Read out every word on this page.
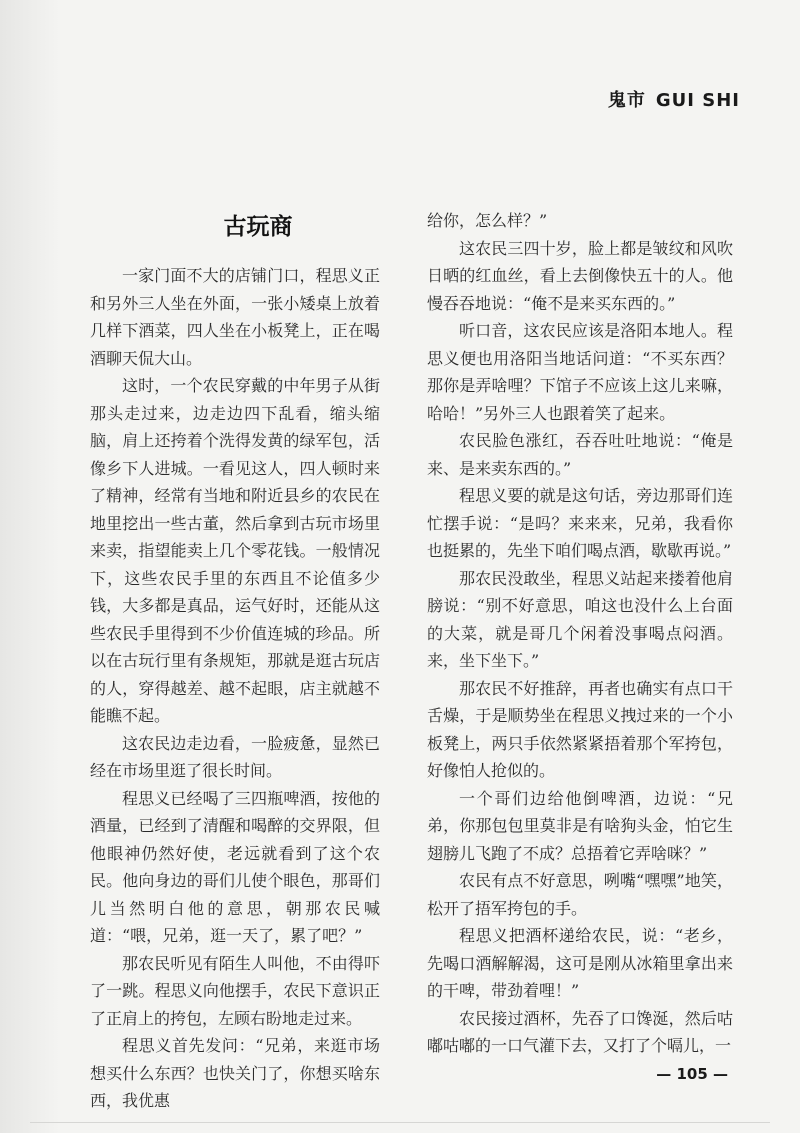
鬼市 GUI SHI
古玩商

一家门面不大的店铺门口，程思义正和另外三人坐在外面，一张小矮桌上放着几样下酒菜，四人坐在小板凳上，正在喝酒聊天侃大山。

这时，一个农民穿戴的中年男子从街那头走过来，边走边四下乱看，缩头缩脑，肩上还挎着个洗得发黄的绿军包，活像乡下人进城。一看见这人，四人顿时来了精神，经常有当地和附近县乡的农民在地里挖出一些古董，然后拿到古玩市场里来卖，指望能卖上几个零花钱。一般情况下，这些农民手里的东西且不论值多少钱，大多都是真品，运气好时，还能从这些农民手里得到不少价值连城的珍品。所以在古玩行里有条规矩，那就是逛古玩店的人，穿得越差、越不起眼，店主就越不能瞧不起。

这农民边走边看，一脸疲惫，显然已经在市场里逛了很长时间。

程思义已经喝了三四瓶啤酒，按他的酒量，已经到了清醒和喝醉的交界限，但他眼神仍然好使，老远就看到了这个农民。他向身边的哥们儿使个眼色，那哥们儿当然明白他的意思，朝那农民喊道：“喂，兄弟，逛一天了，累了吧？”

那农民听见有陌生人叫他，不由得吓了一跳。程思义向他摆手，农民下意识正了正肩上的挎包，左顾右盼地走过来。

程思义首先发问：“兄弟，来逛市场想买什么东西？也快关门了，你想买啥东西，我优惠

给你，怎么样？”

这农民三四十岁，脸上都是皱纹和风吹日晒的红血丝，看上去倒像快五十的人。他慢吞吞地说：“俺不是来买东西的。”

听口音，这农民应该是洛阳本地人。程思义便也用洛阳当地话问道：“不买东西？那你是弄啥哩？下馆子不应该上这儿来嘛，哈哈！”另外三人也跟着笑了起来。

农民脸色涨红，吞吞吐吐地说：“俺是来、是来卖东西的。”

程思义要的就是这句话，旁边那哥们连忙摆手说：“是吗？来来来，兄弟，我看你也挺累的，先坐下咱们喝点酒，歇歇再说。”

那农民没敢坐，程思义站起来搂着他肩膀说：“别不好意思，咱这也没什么上台面的大菜，就是哥几个闲着没事喝点闷酒。来，坐下坐下。”

那农民不好推辞，再者也确实有点口干舌燥，于是顺势坐在程思义拽过来的一个小板凳上，两只手依然紧紧捂着那个军挎包，好像怕人抢似的。

一个哥们边给他倒啤酒，边说：“兄弟，你那包包里莫非是有啥狗头金，怕它生翅膀儿飞跑了不成？总捂着它弄啥咪？”

农民有点不好意思，咧嘴“嘿嘿”地笑，松开了捂军挎包的手。

程思义把酒杯递给农民，说：“老乡，先喝口酒解解渴，这可是刚从冰箱里拿出来的干啤，带劲着哩！”

农民接过酒杯，先吞了口馋涎，然后咕嘟咕嘟的一口气灌下去，又打了个嗝儿，一

— 105 —
